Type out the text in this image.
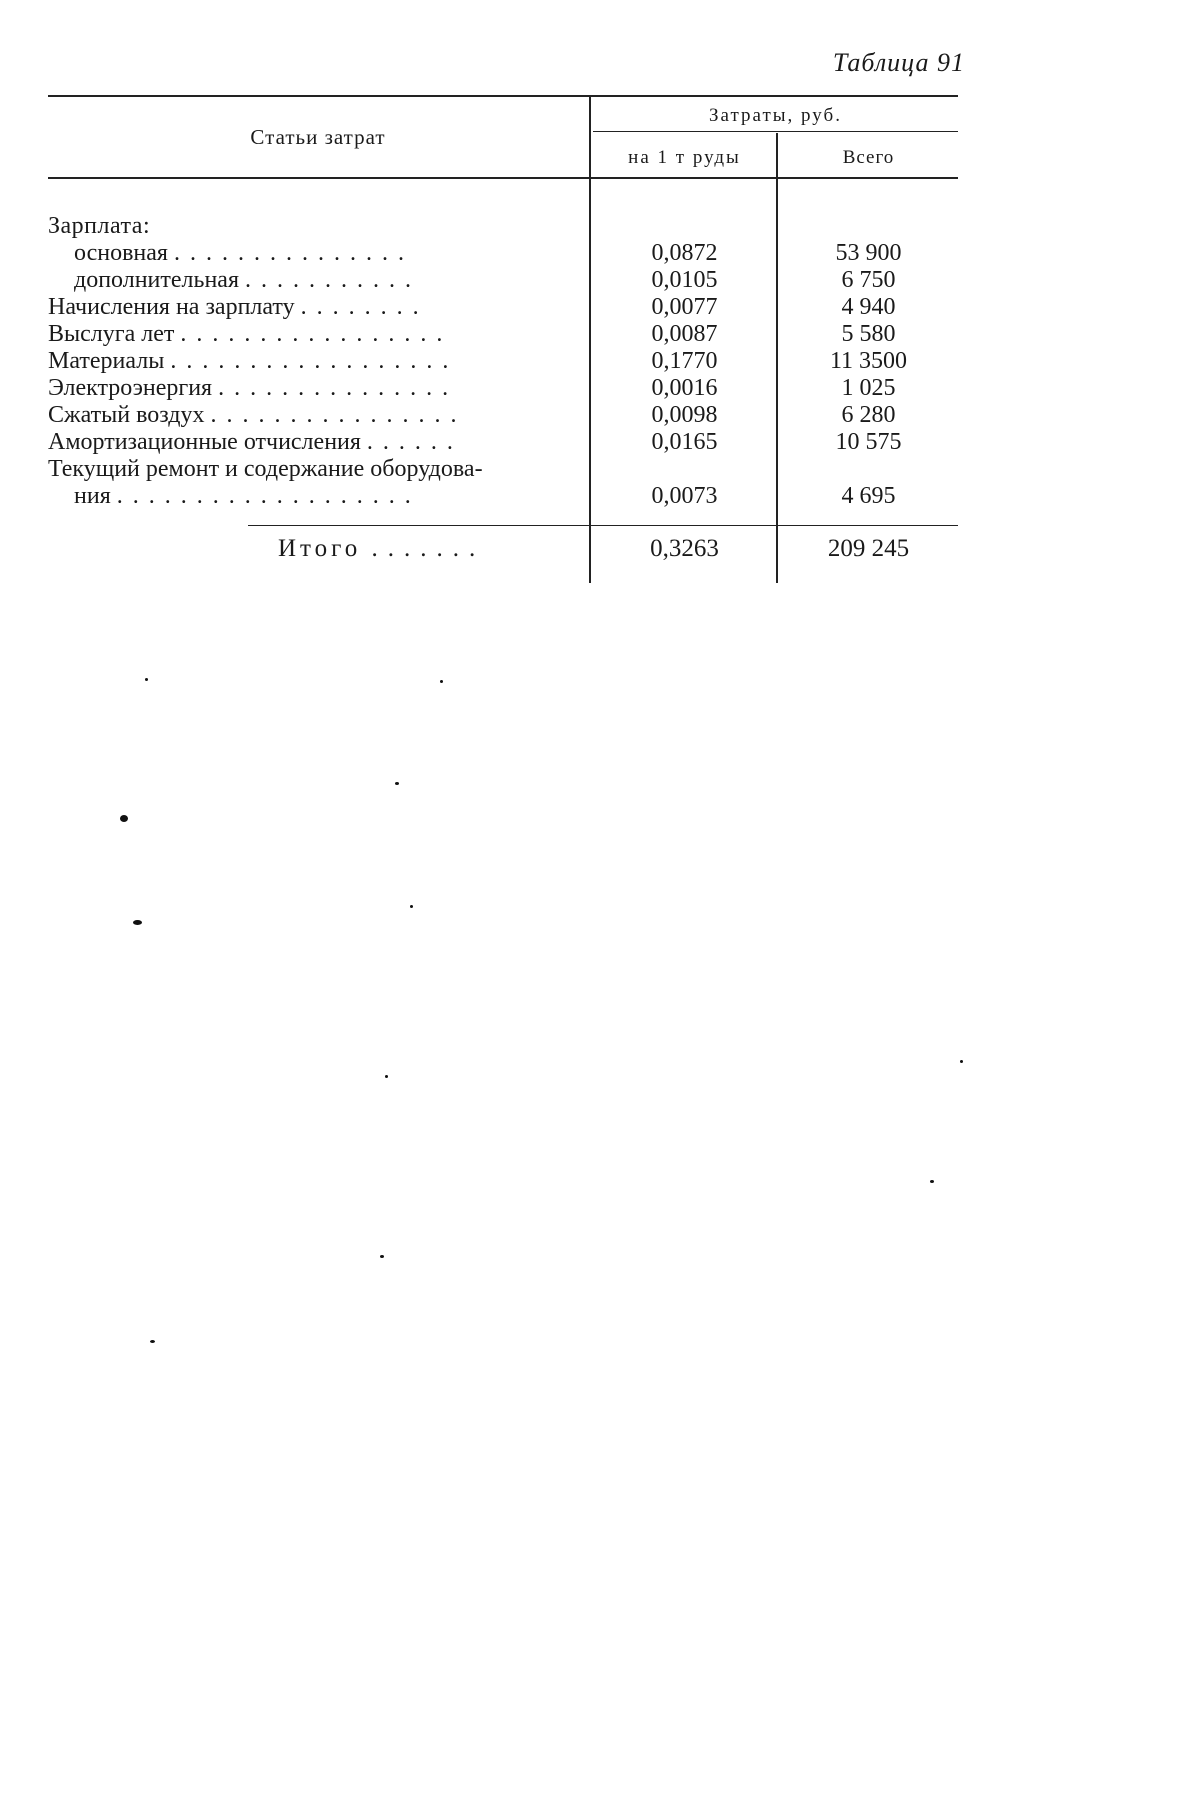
Таблица 91
Статьи затрат
Затраты, руб.
на 1 т руды	Всего
Зарплата:
основная ...............	0,0872	53 900
дополнительная ...........	0,0105	6 750
Начисления на зарплату ........	0,0077	4 940
Выслуга лет .................	0,0087	5 580
Материалы ..................	0,1770	11 3500
Электроэнергия ...............	0,0016	1 025
Сжатый воздух ................	0,0098	6 280
Амортизационные отчисления ......	0,0165	10 575
Текущий ремонт и содержание оборудова-
ния ...................	0,0073	4 695
Итого .......	0,3263	209 245
